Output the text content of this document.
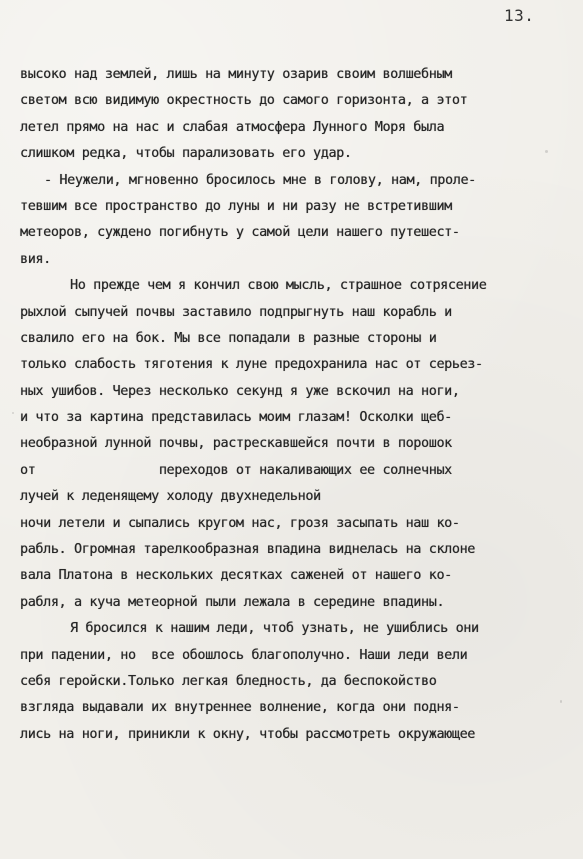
13.
высоко над землей, лишь на минуту озарив своим волшебным
светом всю видимую окрестность до самого горизонта, а этот
летел прямо на нас и слабая атмосфера Лунного Моря была
слишком редка, чтобы парализовать его удар.
- Неужели, мгновенно бросилось мне в голову, нам, проле-
тевшим все пространство до луны и ни разу не встретившим
метеоров, суждено погибнуть у самой цели нашего путешест-
вия.
Но прежде чем я кончил свою мысль, страшное сотрясение
рыхлой сыпучей почвы заставило подпрыгнуть наш корабль и
свалило его на бок. Мы все попадали в разные стороны и
только слабость тяготения к луне предохранила нас от серьез-
ных ушибов. Через несколько секунд я уже вскочил на ноги,
и что за картина представилась моим глазам! Осколки щеб-
необразной лунной почвы, растрескавшейся почти в порошок
от                переходов от накаливающих ее солнечных
лучей к леденящему холоду двухнедельной
ночи летели и сыпались кругом нас, грозя засыпать наш ко-
рабль. Огромная тарелкообразная впадина виднелась на склоне
вала Платона в нескольких десятках саженей от нашего ко-
рабля, а куча метеорной пыли лежала в середине впадины.
Я бросился к нашим леди, чтоб узнать, не ушиблись они
при падении, но  все обошлось благополучно. Наши леди вели
себя геройски.Только легкая бледность, да беспокойство
взгляда выдавали их внутреннее волнение, когда они подня-
лись на ноги, приникли к окну, чтобы рассмотреть окружающее
